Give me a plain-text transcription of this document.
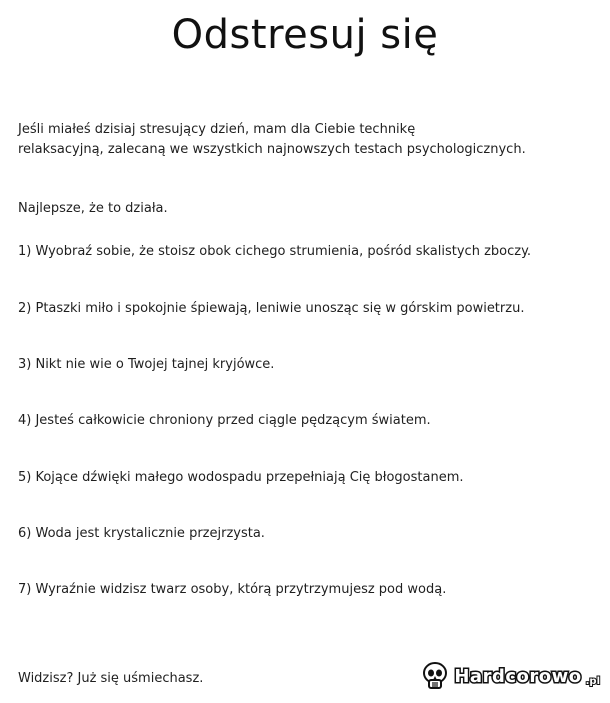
Odstresuj się
Jeśli miałeś dzisiaj stresujący dzień, mam dla Ciebie technikę
relaksacyjną, zalecaną we wszystkich najnowszych testach psychologicznych.
Najlepsze, że to działa.
1) Wyobraź sobie, że stoisz obok cichego strumienia, pośród skalistych zboczy.
2) Ptaszki miło i spokojnie śpiewają, leniwie unosząc się w górskim powietrzu.
3) Nikt nie wie o Twojej tajnej kryjówce.
4) Jesteś całkowicie chroniony przed ciągle pędzącym światem.
5) Kojące dźwięki małego wodospadu przepełniają Cię błogostanem.
6) Woda jest krystalicznie przejrzysta.
7) Wyraźnie widzisz twarz osoby, którą przytrzymujesz pod wodą.
Widzisz? Już się uśmiechasz.	Hardcorowo .pl
